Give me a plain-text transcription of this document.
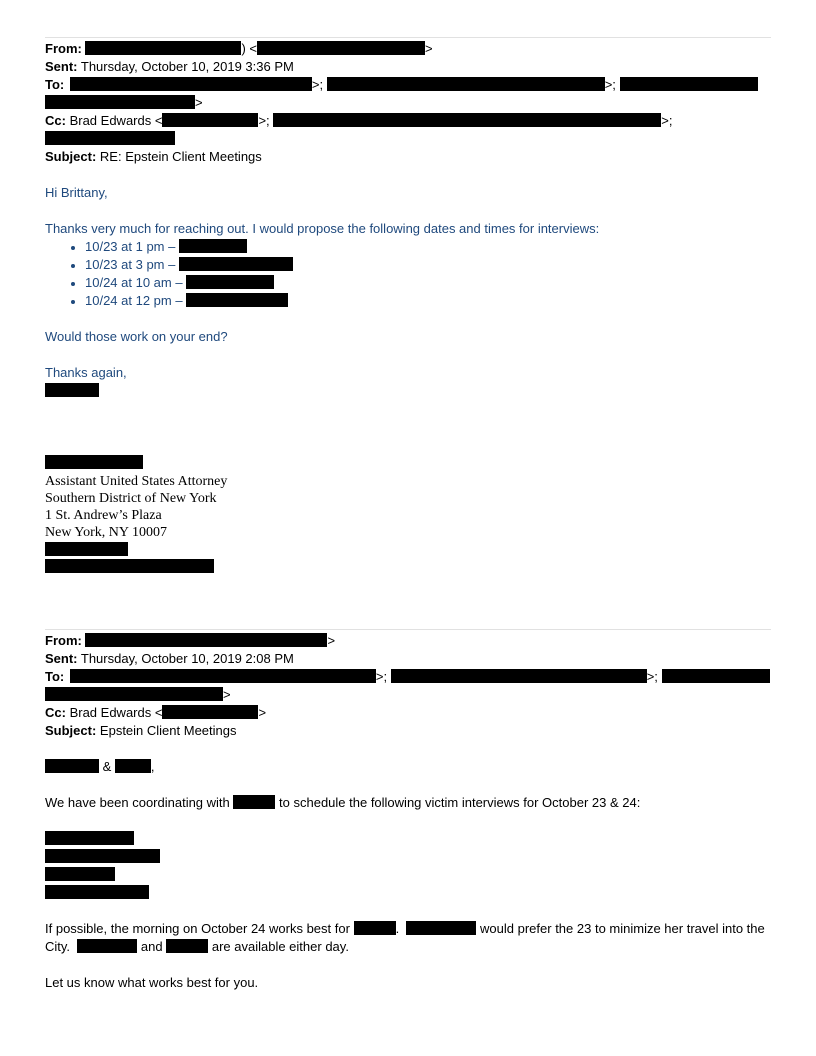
From:	) <	>
Sent: Thursday, October 10, 2019 3:36 PM
To:	>;	>;
>
Cc: Brad Edwards <	>;	>;
Subject: RE: Epstein Client Meetings
Hi Brittany,
Thanks very much for reaching out. I would propose the following dates and times for interviews:
10/23 at 1 pm –
10/23 at 3 pm –
10/24 at 10 am –
10/24 at 12 pm –
Would those work on your end?
Thanks again,
Assistant United States Attorney
Southern District of New York
1 St. Andrew’s Plaza
New York, NY 10007
From:	>
Sent: Thursday, October 10, 2019 2:08 PM
To:	>;	>;
>
Cc: Brad Edwards <	>
Subject: Epstein Client Meetings
&	,
We have been coordinating with	to schedule the following victim interviews for October 23 & 24:
If possible, the morning on October 24 works best for	.	would prefer the 23 to minimize her travel into the City.	and	are available either day.
Let us know what works best for you.
